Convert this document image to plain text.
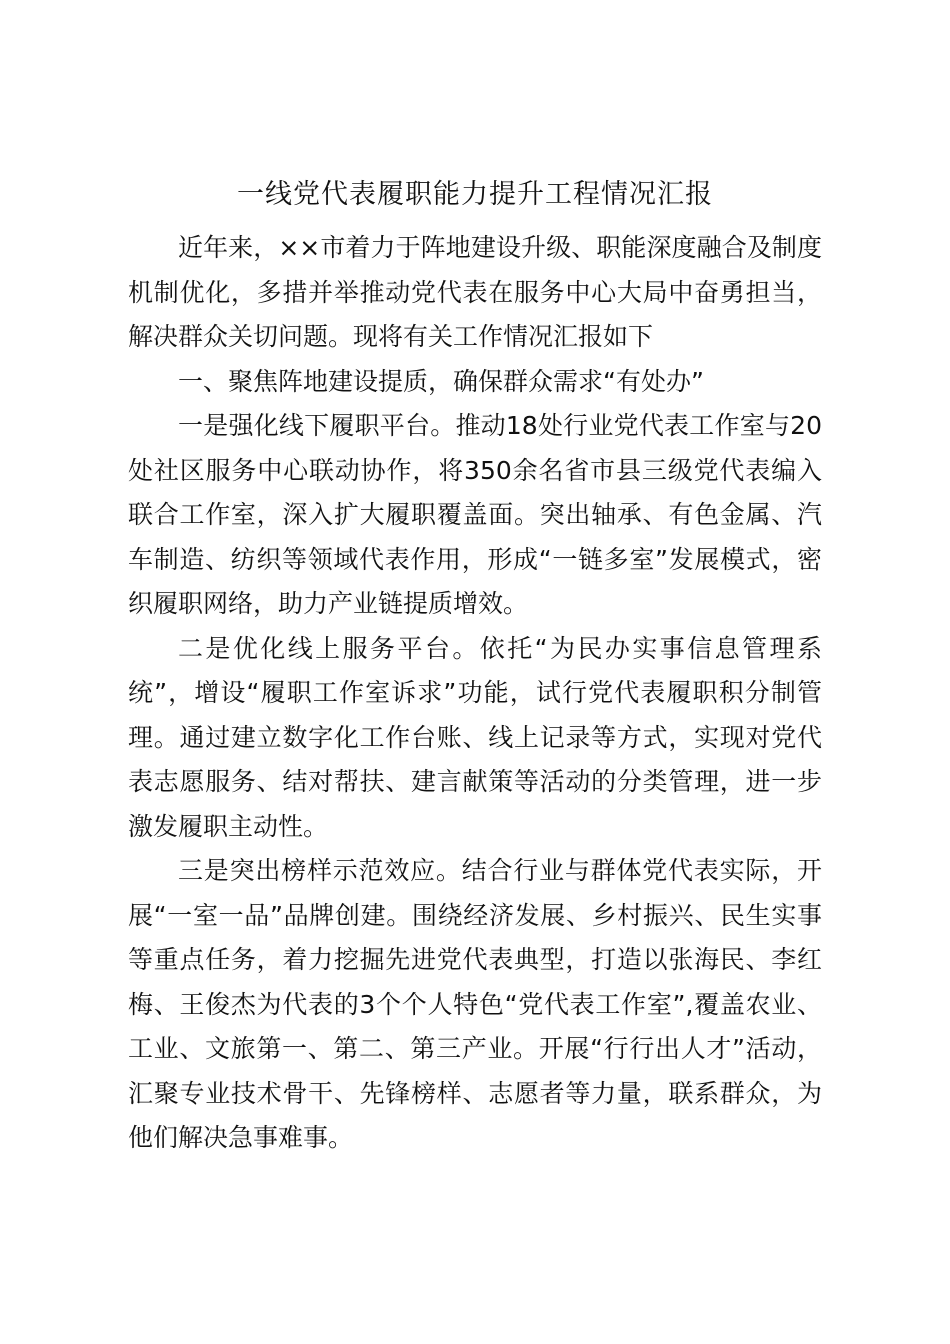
一线党代表履职能力提升工程情况汇报

近年来，××市着力于阵地建设升级、职能深度融合及制度机制优化，多措并举推动党代表在服务中心大局中奋勇担当，解决群众关切问题。现将有关工作情况汇报如下

一、聚焦阵地建设提质，确保群众需求“有处办”

一是强化线下履职平台。推动18处行业党代表工作室与20处社区服务中心联动协作，将350余名省市县三级党代表编入联合工作室，深入扩大履职覆盖面。突出轴承、有色金属、汽车制造、纺织等领域代表作用，形成“一链多室”发展模式，密织履职网络，助力产业链提质增效。

二是优化线上服务平台。依托“为民办实事信息管理系统”，增设“履职工作室诉求”功能，试行党代表履职积分制管理。通过建立数字化工作台账、线上记录等方式，实现对党代表志愿服务、结对帮扶、建言献策等活动的分类管理，进一步激发履职主动性。

三是突出榜样示范效应。结合行业与群体党代表实际，开展“一室一品”品牌创建。围绕经济发展、乡村振兴、民生实事等重点任务，着力挖掘先进党代表典型，打造以张海民、李红梅、王俊杰为代表的3个个人特色“党代表工作室”,覆盖农业、工业、文旅第一、第二、第三产业。开展“行行出人才”活动，汇聚专业技术骨干、先锋榜样、志愿者等力量，联系群众，为他们解决急事难事。
